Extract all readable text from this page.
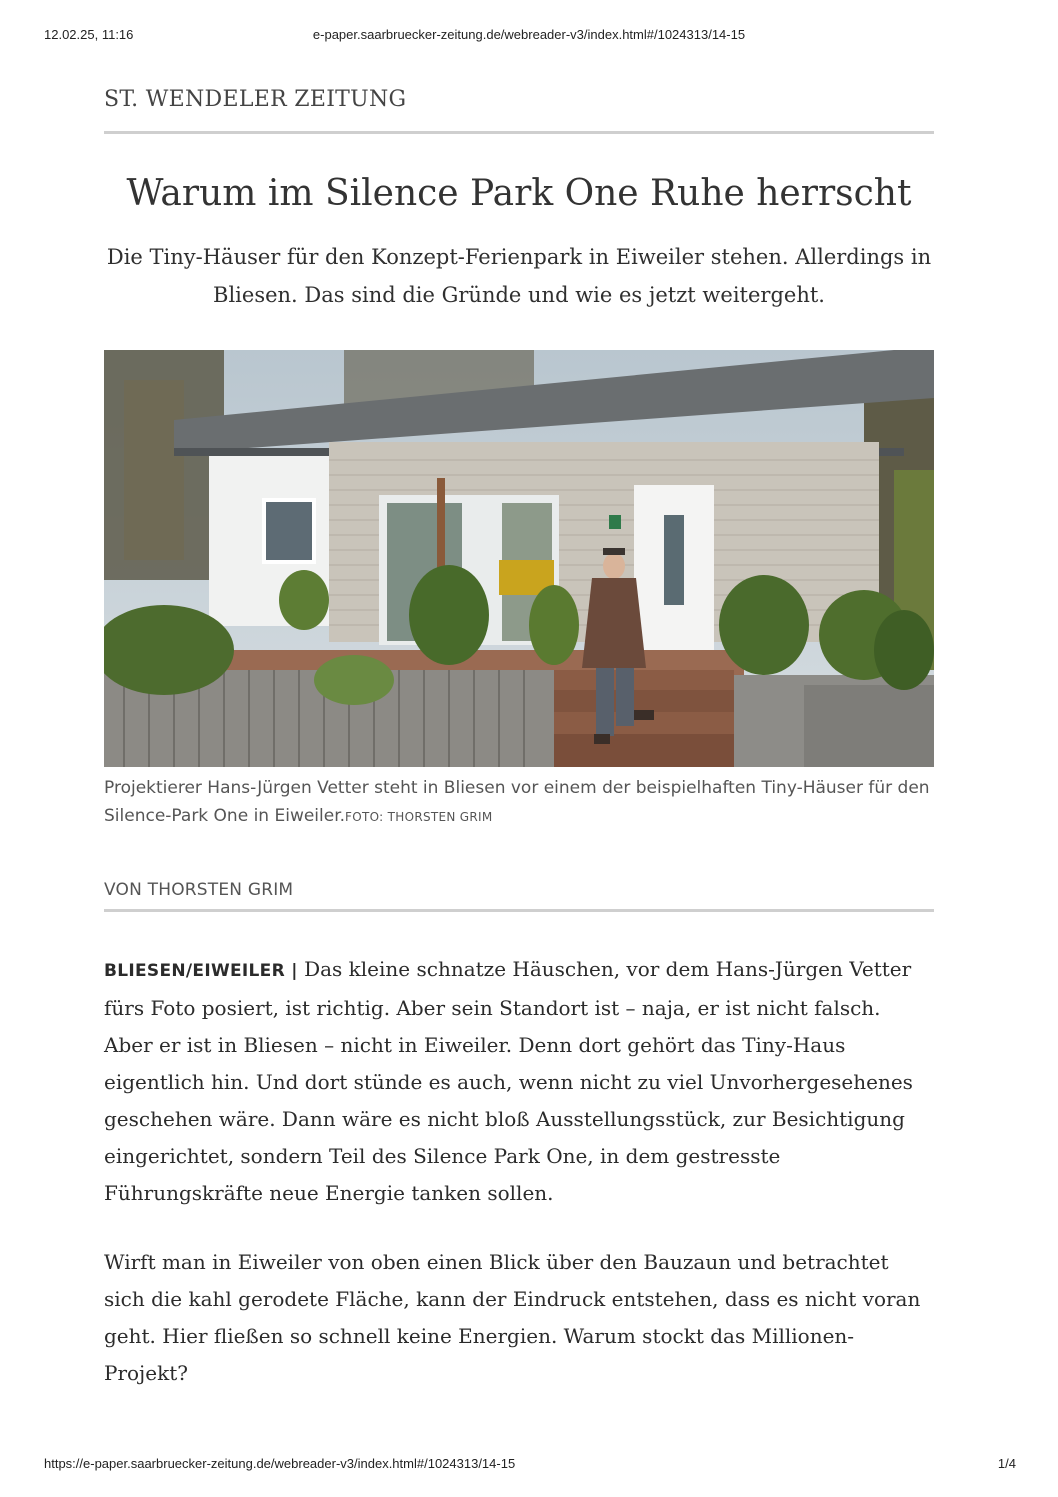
12.02.25, 11:16	e-paper.saarbruecker-zeitung.de/webreader-v3/index.html#/1024313/14-15
ST. WENDELER ZEITUNG
Warum im Silence Park One Ruhe herrscht
Die Tiny-Häuser für den Konzept-Ferienpark in Eiweiler stehen. Allerdings in Bliesen. Das sind die Gründe und wie es jetzt weitergeht.
Projektierer Hans-Jürgen Vetter steht in Bliesen vor einem der beispielhaften Tiny-Häuser für den Silence-Park One in Eiweiler.FOTO: THORSTEN GRIM
VON THORSTEN GRIM

BLIESEN/EIWEILER | Das kleine schnatze Häuschen, vor dem Hans-Jürgen Vetter fürs Foto posiert, ist richtig. Aber sein Standort ist – naja, er ist nicht falsch. Aber er ist in Bliesen – nicht in Eiweiler. Denn dort gehört das Tiny-Haus eigentlich hin. Und dort stünde es auch, wenn nicht zu viel Unvorhergesehenes geschehen wäre. Dann wäre es nicht bloß Ausstellungsstück, zur Besichtigung eingerichtet, sondern Teil des Silence Park One, in dem gestresste Führungskräfte neue Energie tanken sollen.

Wirft man in Eiweiler von oben einen Blick über den Bauzaun und betrachtet sich die kahl gerodete Fläche, kann der Eindruck entstehen, dass es nicht voran geht. Hier fließen so schnell keine Energien. Warum stockt das Millionen-Projekt?

https://e-paper.saarbruecker-zeitung.de/webreader-v3/index.html#/1024313/14-15	1/4
